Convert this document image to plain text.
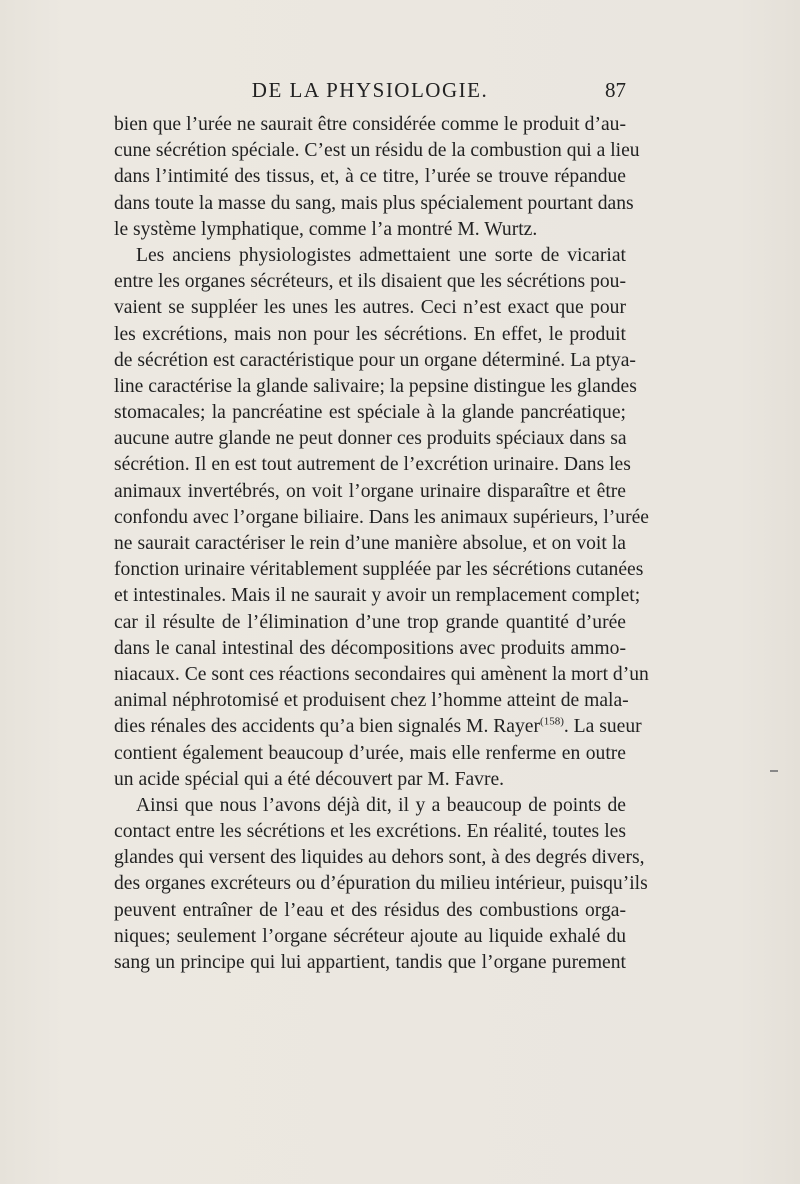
DE LA PHYSIOLOGIE.	87
bien que l’urée ne saurait être considérée comme le produit d’au-
cune sécrétion spéciale. C’est un résidu de la combustion qui a lieu
dans l’intimité des tissus, et, à ce titre, l’urée se trouve répandue
dans toute la masse du sang, mais plus spécialement pourtant dans
le système lymphatique, comme l’a montré M. Wurtz.
Les anciens physiologistes admettaient une sorte de vicariat
entre les organes sécréteurs, et ils disaient que les sécrétions pou-
vaient se suppléer les unes les autres. Ceci n’est exact que pour
les excrétions, mais non pour les sécrétions. En effet, le produit
de sécrétion est caractéristique pour un organe déterminé. La ptya-
line caractérise la glande salivaire; la pepsine distingue les glandes
stomacales; la pancréatine est spéciale à la glande pancréatique;
aucune autre glande ne peut donner ces produits spéciaux dans sa
sécrétion. Il en est tout autrement de l’excrétion urinaire. Dans les
animaux invertébrés, on voit l’organe urinaire disparaître et être
confondu avec l’organe biliaire. Dans les animaux supérieurs, l’urée
ne saurait caractériser le rein d’une manière absolue, et on voit la
fonction urinaire véritablement suppléée par les sécrétions cutanées
et intestinales. Mais il ne saurait y avoir un remplacement complet;
car il résulte de l’élimination d’une trop grande quantité d’urée
dans le canal intestinal des décompositions avec produits ammo-
niacaux. Ce sont ces réactions secondaires qui amènent la mort d’un
animal néphrotomisé et produisent chez l’homme atteint de mala-
dies rénales des accidents qu’a bien signalés M. Rayer$^{(158)}$. La sueur
contient également beaucoup d’urée, mais elle renferme en outre
un acide spécial qui a été découvert par M. Favre.
Ainsi que nous l’avons déjà dit, il y a beaucoup de points de
contact entre les sécrétions et les excrétions. En réalité, toutes les
glandes qui versent des liquides au dehors sont, à des degrés divers,
des organes excréteurs ou d’épuration du milieu intérieur, puisqu’ils
peuvent entraîner de l’eau et des résidus des combustions orga-
niques; seulement l’organe sécréteur ajoute au liquide exhalé du
sang un principe qui lui appartient, tandis que l’organe purement
